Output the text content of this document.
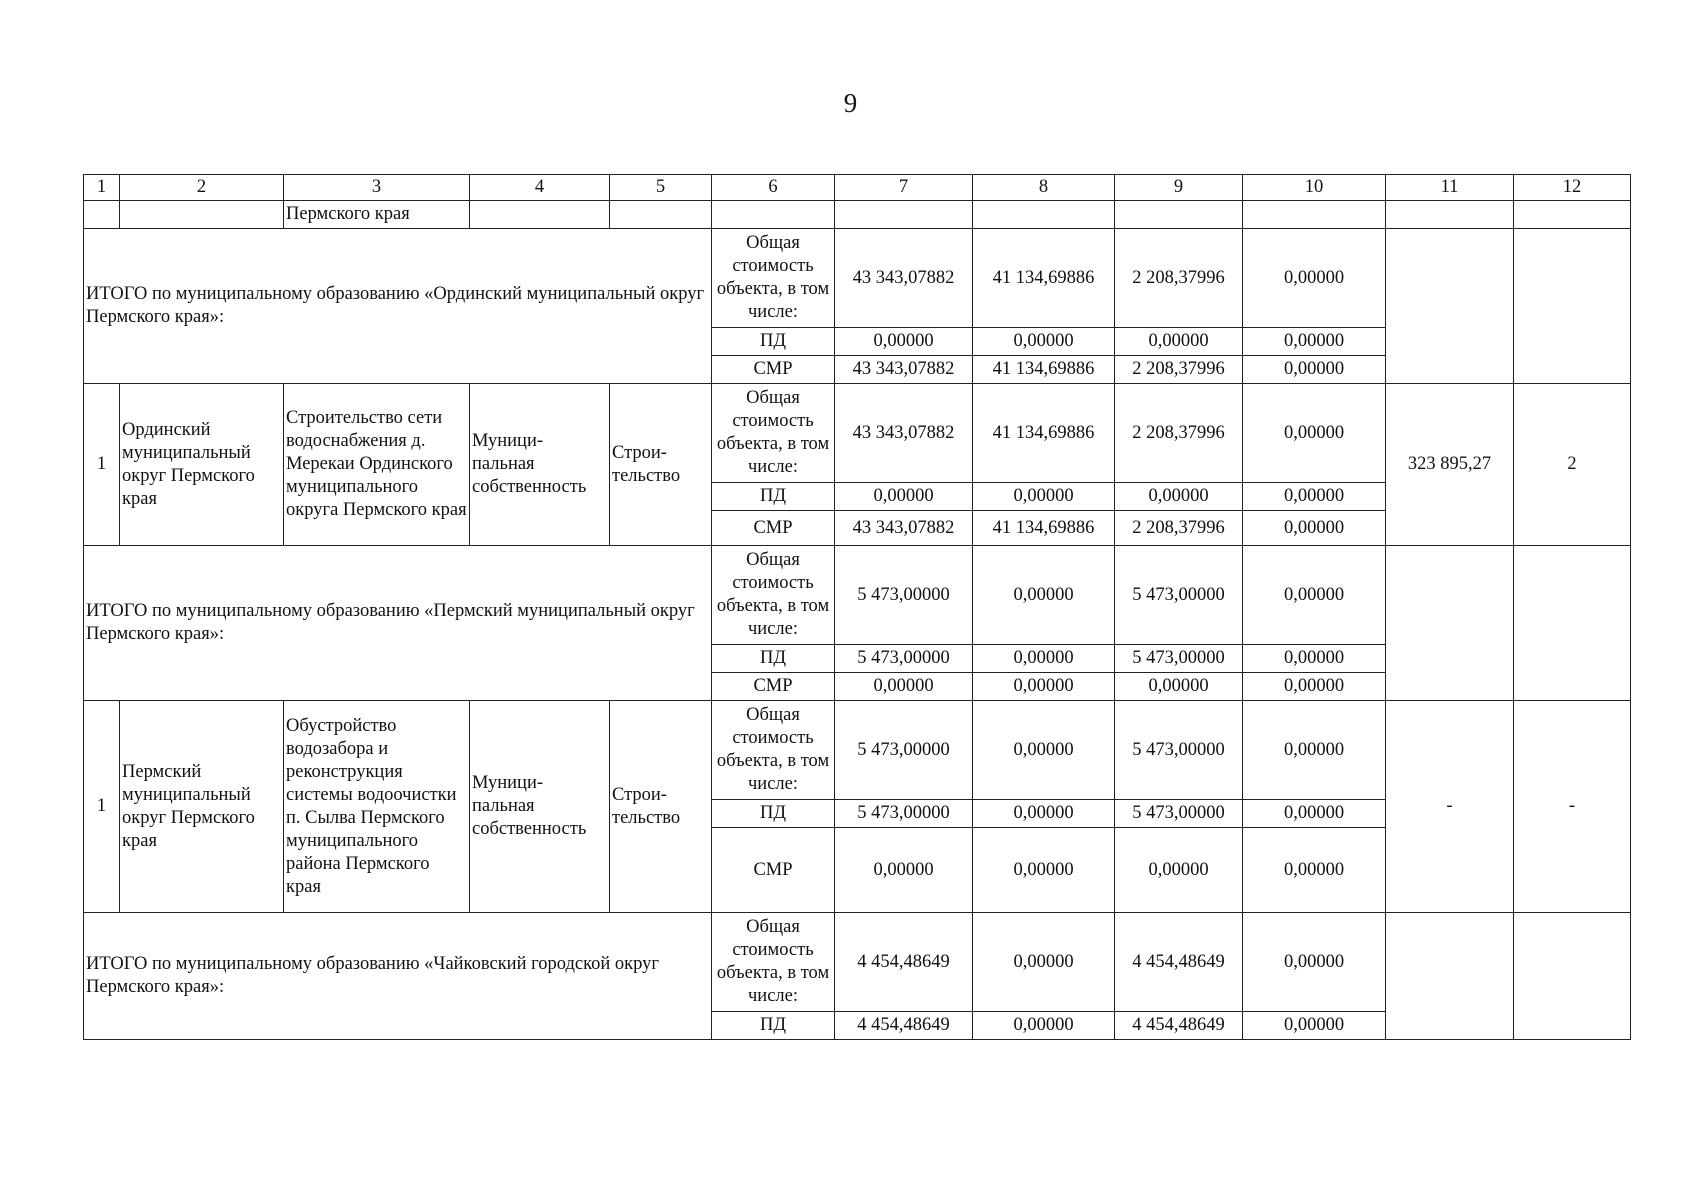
9
1	2	3	4	5	6	7	8	9	10	11	12
		Пермского края									
ИТОГО по муниципальному образованию «Ординский муниципальный округ Пермского края»:					Общая стоимость объекта, в том числе:	43 343,07882	41 134,69886	2 208,37996	0,00000		
					ПД	0,00000	0,00000	0,00000	0,00000		
					СМР	43 343,07882	41 134,69886	2 208,37996	0,00000		
1	Ординский муниципальный округ Пермского края	Строительство сети водоснабжения д. Мерекаи Ординского муниципального округа Пермского края	Муници- пальная собственность	Строи- тельство	Общая стоимость объекта, в том числе:	43 343,07882	41 134,69886	2 208,37996	0,00000	323 895,27	2
					ПД	0,00000	0,00000	0,00000	0,00000		
					СМР	43 343,07882	41 134,69886	2 208,37996	0,00000		
ИТОГО по муниципальному образованию «Пермский муниципальный округ Пермского края»:					Общая стоимость объекта, в том числе:	5 473,00000	0,00000	5 473,00000	0,00000		
					ПД	5 473,00000	0,00000	5 473,00000	0,00000		
					СМР	0,00000	0,00000	0,00000	0,00000		
1	Пермский муниципальный округ Пермского края	Обустройство водозабора и реконструкция системы водоочистки п. Сылва Пермского муниципального района Пермского края	Муници- пальная собственность	Строи- тельство	Общая стоимость объекта, в том числе:	5 473,00000	0,00000	5 473,00000	0,00000	-	-
					ПД	5 473,00000	0,00000	5 473,00000	0,00000		
					СМР	0,00000	0,00000	0,00000	0,00000		
ИТОГО по муниципальному образованию «Чайковский городской округ Пермского края»:					Общая стоимость объекта, в том числе:	4 454,48649	0,00000	4 454,48649	0,00000		
					ПД	4 454,48649	0,00000	4 454,48649	0,00000		
